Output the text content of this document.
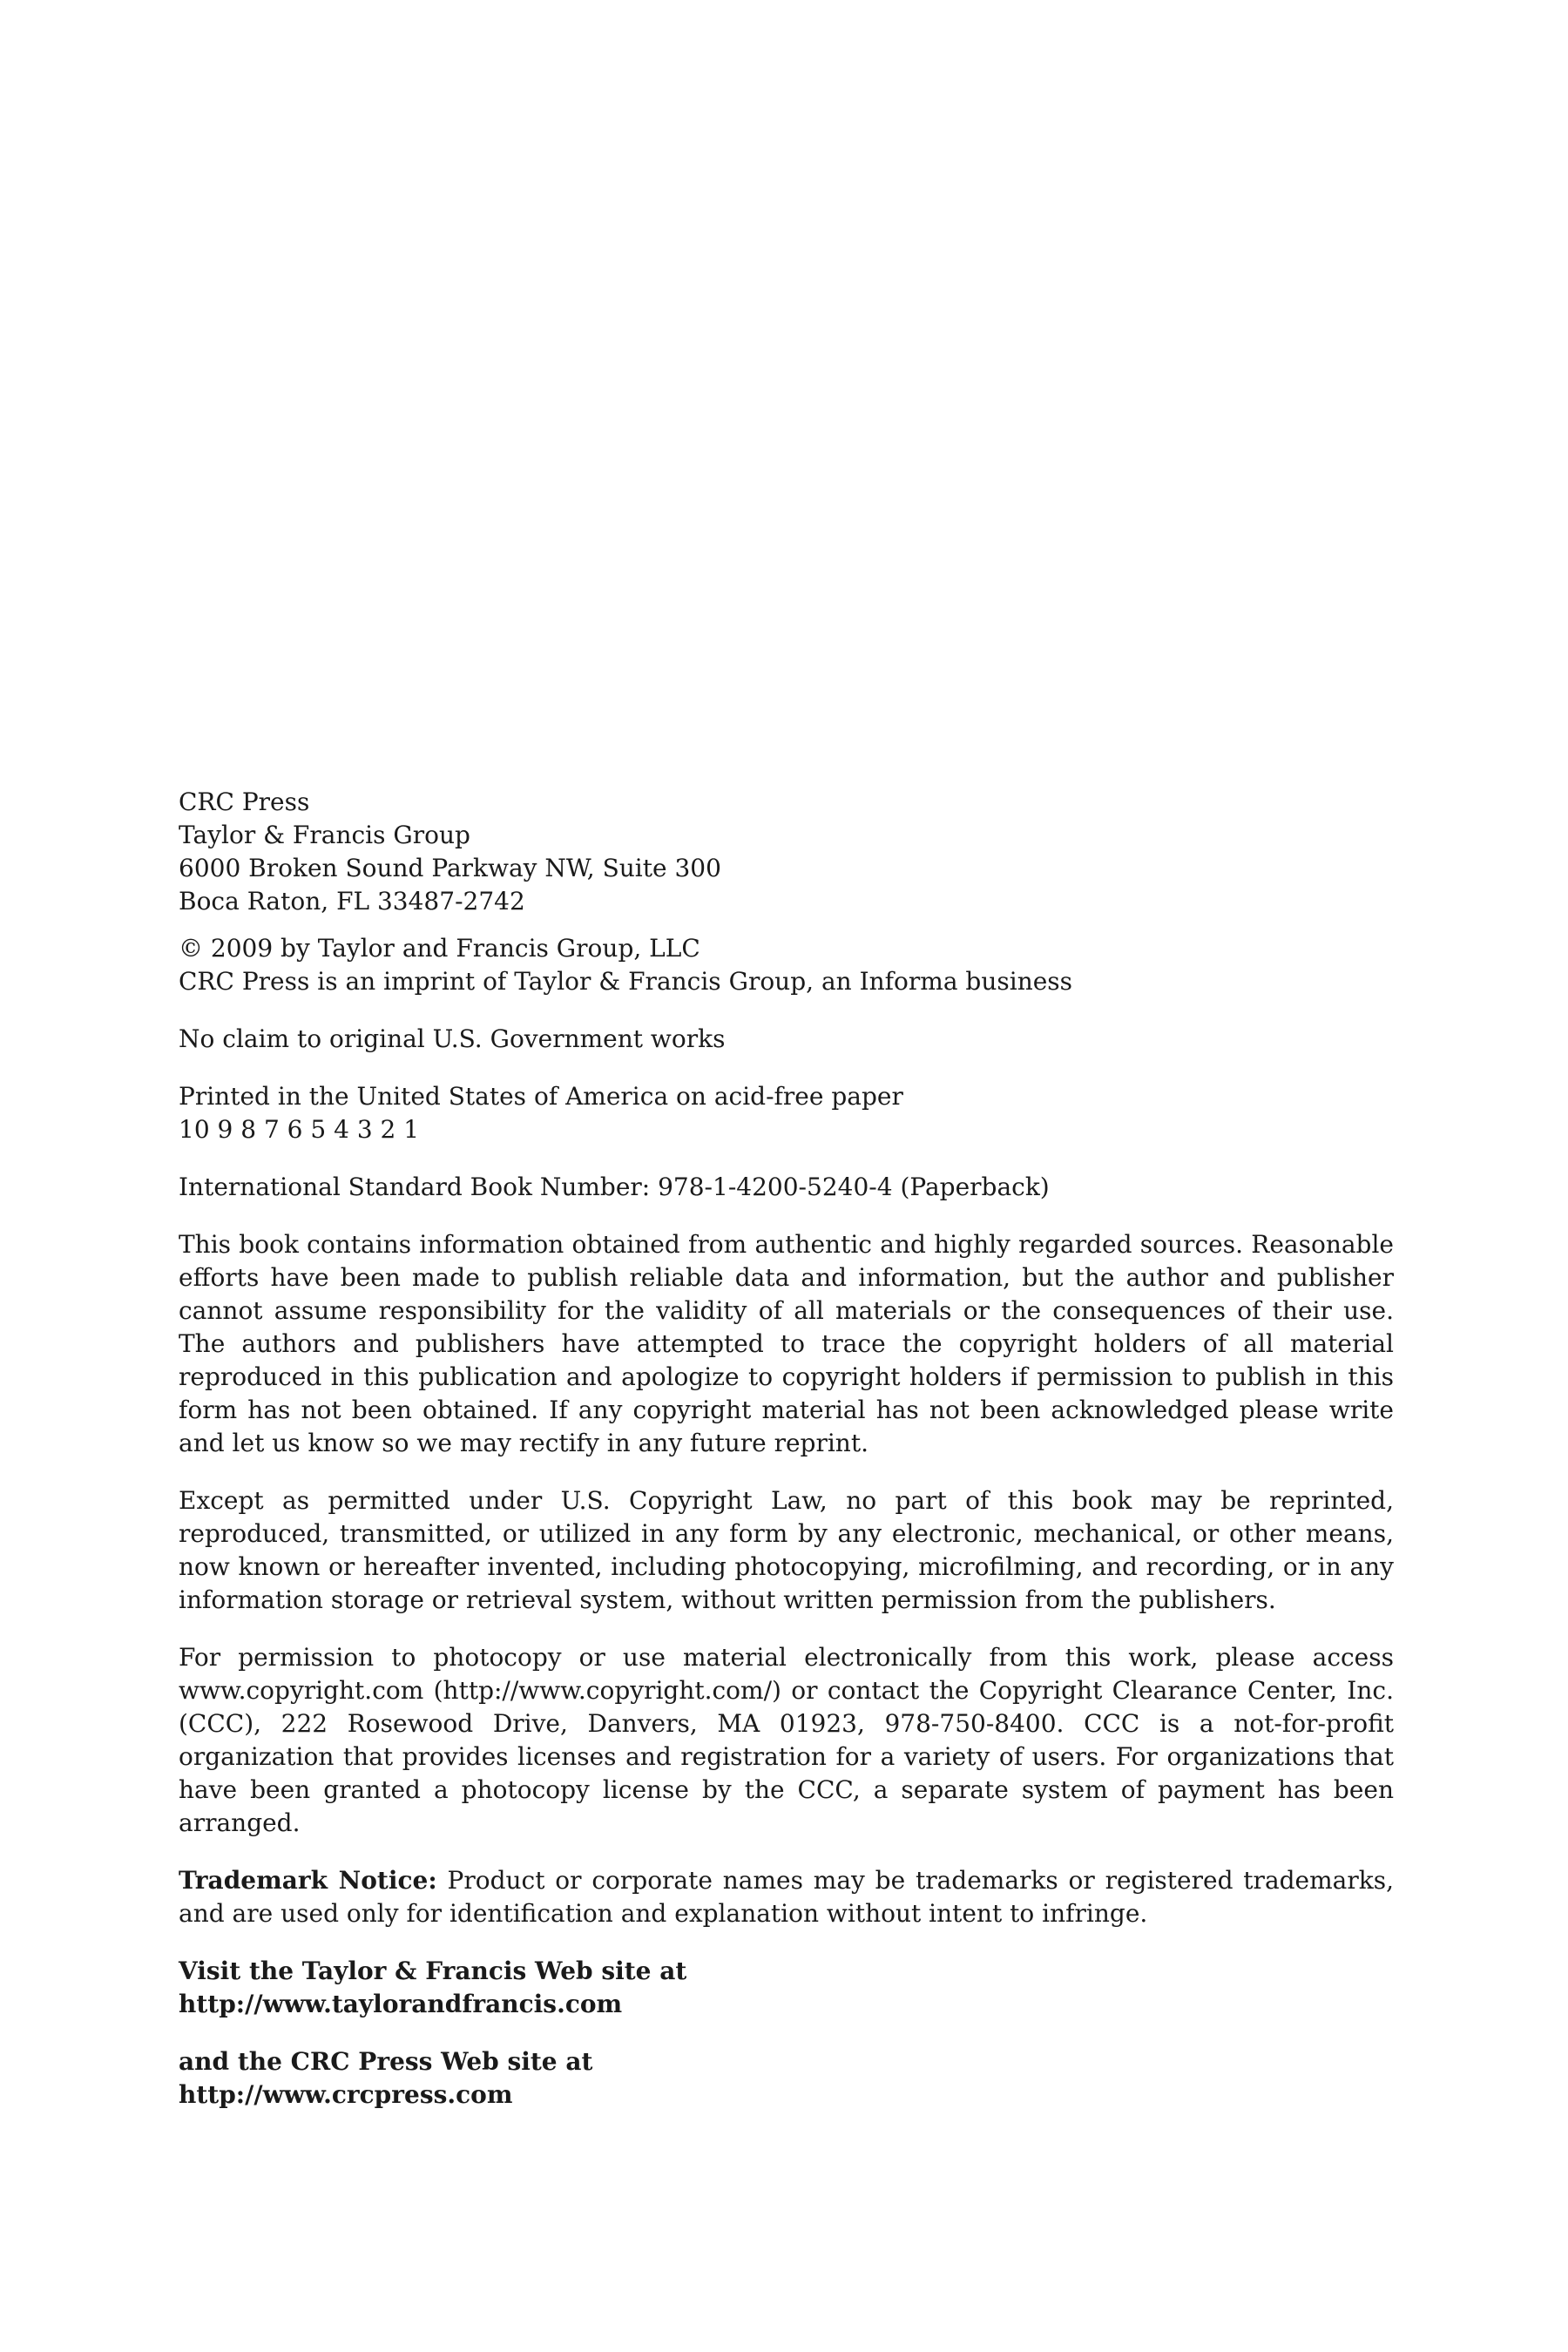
CRC Press
Taylor & Francis Group
6000 Broken Sound Parkway NW, Suite 300
Boca Raton, FL 33487-2742
© 2009 by Taylor and Francis Group, LLC
CRC Press is an imprint of Taylor & Francis Group, an Informa business
No claim to original U.S. Government works
Printed in the United States of America on acid-free paper
10 9 8 7 6 5 4 3 2 1
International Standard Book Number: 978-1-4200-5240-4 (Paperback)

This book contains information obtained from authentic and highly regarded sources. Reasonable efforts have been made to publish reliable data and information, but the author and publisher cannot assume responsibility for the validity of all materials or the consequences of their use. The authors and publishers have attempted to trace the copyright holders of all material reproduced in this publication and apologize to copyright holders if permission to publish in this form has not been obtained. If any copyright material has not been acknowledged please write and let us know so we may rectify in any future reprint.

Except as permitted under U.S. Copyright Law, no part of this book may be reprinted, reproduced, transmitted, or utilized in any form by any electronic, mechanical, or other means, now known or hereafter invented, including photocopying, microfilming, and recording, or in any information storage or retrieval system, without written permission from the publishers.

For permission to photocopy or use material electronically from this work, please access www.copyright.com (http://www.copyright.com/) or contact the Copyright Clearance Center, Inc. (CCC), 222 Rosewood Drive, Danvers, MA 01923, 978-750-8400. CCC is a not-for-profit organization that provides licenses and registration for a variety of users. For organizations that have been granted a photocopy license by the CCC, a separate system of payment has been arranged.

Trademark Notice: Product or corporate names may be trademarks or registered trademarks, and are used only for identification and explanation without intent to infringe.

Visit the Taylor & Francis Web site at
http://www.taylorandfrancis.com
and the CRC Press Web site at
http://www.crcpress.com
